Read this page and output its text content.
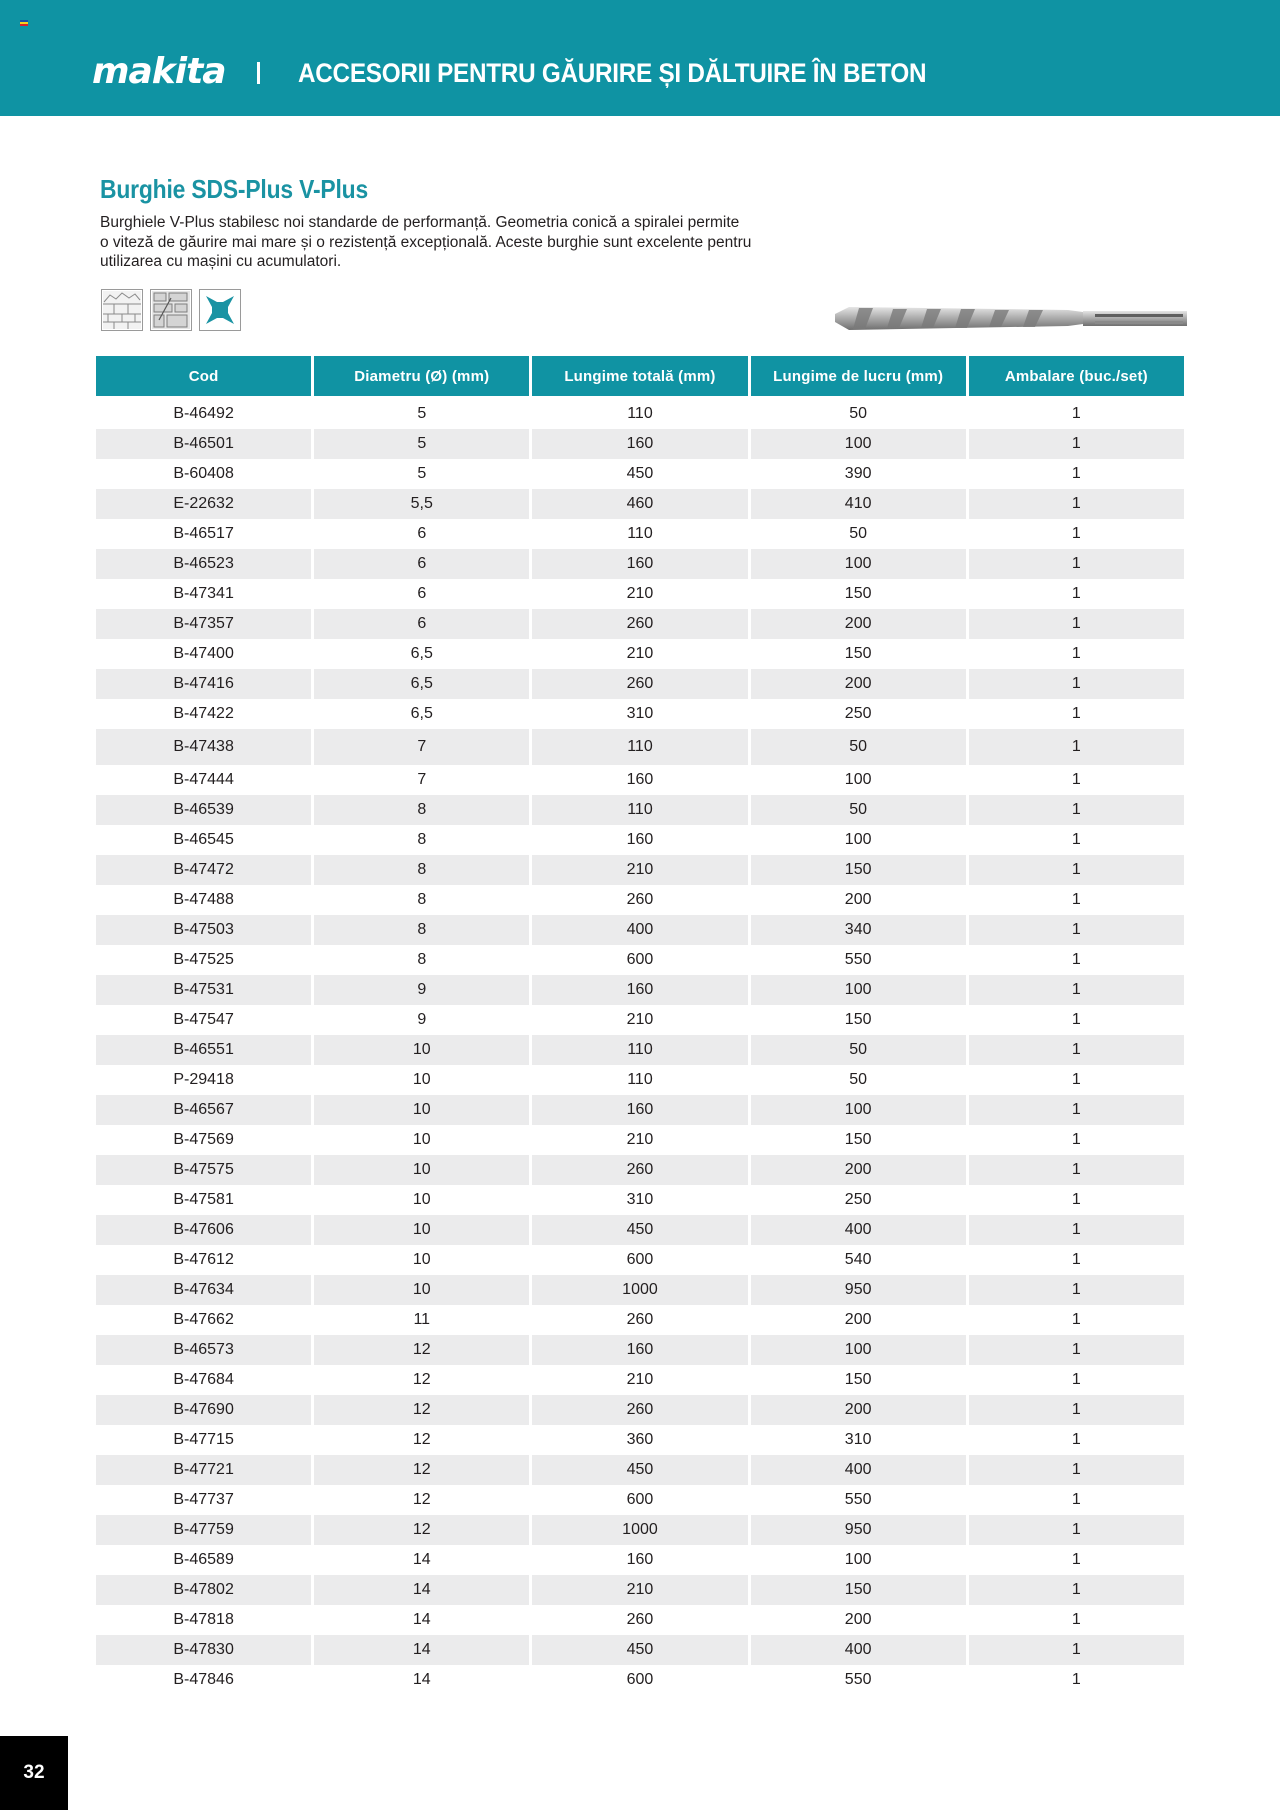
makita	ACCESORII PENTRU GĂURIRE ȘI DĂLTUIRE ÎN BETON
Burghie SDS-Plus V-Plus
Burghiele V-Plus stabilesc noi standarde de performanță. Geometria conică a spiralei permite
o viteză de găurire mai mare și o rezistență excepțională. Aceste burghie sunt excelente pentru
utilizarea cu mașini cu acumulatori.
Cod	Diametru (Ø) (mm)	Lungime totală (mm)	Lungime de lucru (mm)	Ambalare (buc./set)
B-46492	5	110	50	1
B-46501	5	160	100	1
B-60408	5	450	390	1
E-22632	5,5	460	410	1
B-46517	6	110	50	1
B-46523	6	160	100	1
B-47341	6	210	150	1
B-47357	6	260	200	1
B-47400	6,5	210	150	1
B-47416	6,5	260	200	1
B-47422	6,5	310	250	1
B-47438	7	110	50	1
B-47444	7	160	100	1
B-46539	8	110	50	1
B-46545	8	160	100	1
B-47472	8	210	150	1
B-47488	8	260	200	1
B-47503	8	400	340	1
B-47525	8	600	550	1
B-47531	9	160	100	1
B-47547	9	210	150	1
B-46551	10	110	50	1
P-29418	10	110	50	1
B-46567	10	160	100	1
B-47569	10	210	150	1
B-47575	10	260	200	1
B-47581	10	310	250	1
B-47606	10	450	400	1
B-47612	10	600	540	1
B-47634	10	1000	950	1
B-47662	11	260	200	1
B-46573	12	160	100	1
B-47684	12	210	150	1
B-47690	12	260	200	1
B-47715	12	360	310	1
B-47721	12	450	400	1
B-47737	12	600	550	1
B-47759	12	1000	950	1
B-46589	14	160	100	1
B-47802	14	210	150	1
B-47818	14	260	200	1
B-47830	14	450	400	1
B-47846	14	600	550	1
32
